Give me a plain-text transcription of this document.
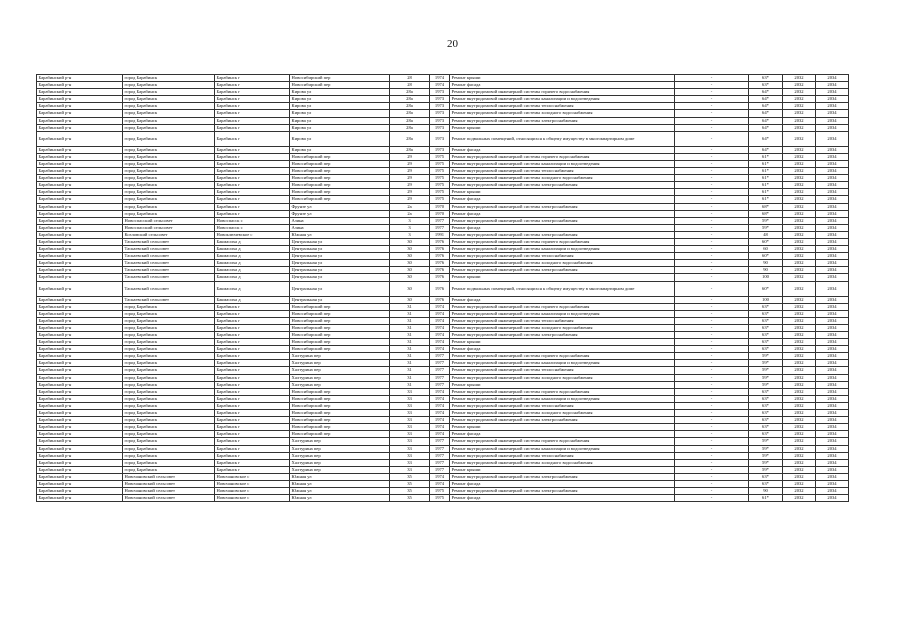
20
Барабинский р-н	город Барабинск	Барабинск г	Новосибирский пер	28	1974	Ремонт крыши	-	63*	2032	2034
Барабинский р-н	город Барабинск	Барабинск г	Новосибирский пер	28	1974	Ремонт фасада	-	63*	2032	2034
Барабинский р-н	город Барабинск	Барабинск г	Кирова ул	28а	1973	Ремонт внутридомовой инженерной системы горячего водоснабжения	-	64*	2032	2034
Барабинский р-н	город Барабинск	Барабинск г	Кирова ул	28а	1973	Ремонт внутридомовой инженерной системы канализации и водоотведения	-	64*	2032	2034
Барабинский р-н	город Барабинск	Барабинск г	Кирова ул	28а	1973	Ремонт внутридомовой инженерной системы теплоснабжения	-	64*	2032	2034
Барабинский р-н	город Барабинск	Барабинск г	Кирова ул	28а	1973	Ремонт внутридомовой инженерной системы холодного водоснабжения	-	64*	2032	2034
Барабинский р-н	город Барабинск	Барабинск г	Кирова ул	28а	1973	Ремонт внутридомовой инженерной системы электроснабжения	-	64*	2032	2034
Барабинский р-н	город Барабинск	Барабинск г	Кирова ул	28а	1973	Ремонт крыши	-	64*	2032	2034
Барабинский р-н	город Барабинск	Барабинск г	Кирова ул	28а	1973	Ремонт подвальных помещений, относящихся к общему имуществу в многоквартирном доме	-	64*	2032	2034
Барабинский р-н	город Барабинск	Барабинск г	Кирова ул	28а	1973	Ремонт фасада	-	64*	2032	2034
Барабинский р-н	город Барабинск	Барабинск г	Новосибирский пер	29	1975	Ремонт внутридомовой инженерной системы горячего водоснабжения	-	61*	2032	2034
Барабинский р-н	город Барабинск	Барабинск г	Новосибирский пер	29	1975	Ремонт внутридомовой инженерной системы канализации и водоотведения	-	61*	2032	2034
Барабинский р-н	город Барабинск	Барабинск г	Новосибирский пер	29	1975	Ремонт внутридомовой инженерной системы теплоснабжения	-	61*	2032	2034
Барабинский р-н	город Барабинск	Барабинск г	Новосибирский пер	29	1975	Ремонт внутридомовой инженерной системы холодного водоснабжения	-	61*	2032	2034
Барабинский р-н	город Барабинск	Барабинск г	Новосибирский пер	29	1975	Ремонт внутридомовой инженерной системы электроснабжения	-	61*	2032	2034
Барабинский р-н	город Барабинск	Барабинск г	Новосибирский пер	29	1975	Ремонт крыши	-	61*	2032	2034
Барабинский р-н	город Барабинск	Барабинск г	Новосибирский пер	29	1975	Ремонт фасада	-	61*	2032	2034
Барабинский р-н	город Барабинск	Барабинск г	Фрунзе ул	2а	1970	Ремонт внутридомовой инженерной системы электроснабжения	-	68*	2032	2034
Барабинский р-н	город Барабинск	Барабинск г	Фрунзе ул	2а	1970	Ремонт фасада	-	68*	2032	2034
Барабинский р-н	Новоспасский сельсовет	Новоспасск с	Азина	3	1977	Ремонт внутридомовой инженерной системы электроснабжения	-	59*	2032	2034
Барабинский р-н	Новоспасский сельсовет	Новоспасск с	Азина	3	1977	Ремонт фасада	-	59*	2032	2034
Барабинский р-н	Козловский сельсовет	Новоключевское с	Южная ул	3	1991	Ремонт внутридомовой инженерной системы электроснабжения	-	48	2032	2034
Барабинский р-н	Таскаевский сельсовет	Бакмасиха д	Центральная ул	30	1976	Ремонт внутридомовой инженерной системы горячего водоснабжения	-	60*	2032	2034
Барабинский р-н	Таскаевский сельсовет	Бакмасиха д	Центральная ул	30	1976	Ремонт внутридомовой инженерной системы канализации и водоотведения	-	60	2032	2034
Барабинский р-н	Таскаевский сельсовет	Бакмасиха д	Центральная ул	30	1976	Ремонт внутридомовой инженерной системы теплоснабжения	-	60*	2032	2034
Барабинский р-н	Таскаевский сельсовет	Бакмасиха д	Центральная ул	30	1976	Ремонт внутридомовой инженерной системы холодного водоснабжения	-	90	2032	2034
Барабинский р-н	Таскаевский сельсовет	Бакмасиха д	Центральная ул	30	1976	Ремонт внутридомовой инженерной системы электроснабжения	-	90	2032	2034
Барабинский р-н	Таскаевский сельсовет	Бакмасиха д	Центральная ул	30	1976	Ремонт крыши	-	100	2032	2034
Барабинский р-н	Таскаевский сельсовет	Бакмасиха д	Центральная ул	30	1976	Ремонт подвальных помещений, относящихся к общему имуществу в многоквартирном доме	-	60*	2032	2034
Барабинский р-н	Таскаевский сельсовет	Бакмасиха д	Центральная ул	30	1976	Ремонт фасада	-	100	2032	2034
Барабинский р-н	город Барабинск	Барабинск г	Новосибирский пер	31	1974	Ремонт внутридомовой инженерной системы горячего водоснабжения	-	63*	2032	2034
Барабинский р-н	город Барабинск	Барабинск г	Новосибирский пер	31	1974	Ремонт внутридомовой инженерной системы канализации и водоотведения	-	63*	2032	2034
Барабинский р-н	город Барабинск	Барабинск г	Новосибирский пер	31	1974	Ремонт внутридомовой инженерной системы теплоснабжения	-	63*	2032	2034
Барабинский р-н	город Барабинск	Барабинск г	Новосибирский пер	31	1974	Ремонт внутридомовой инженерной системы холодного водоснабжения	-	63*	2032	2034
Барабинский р-н	город Барабинск	Барабинск г	Новосибирский пер	31	1974	Ремонт внутридомовой инженерной системы электроснабжения	-	63*	2032	2034
Барабинский р-н	город Барабинск	Барабинск г	Новосибирский пер	31	1974	Ремонт крыши	-	63*	2032	2034
Барабинский р-н	город Барабинск	Барабинск г	Новосибирский пер	31	1974	Ремонт фасада	-	63*	2032	2034
Барабинский р-н	город Барабинск	Барабинск г	Халтурина пер	31	1977	Ремонт внутридомовой инженерной системы горячего водоснабжения	-	59*	2032	2034
Барабинский р-н	город Барабинск	Барабинск г	Халтурина пер	31	1977	Ремонт внутридомовой инженерной системы канализации и водоотведения	-	59*	2032	2034
Барабинский р-н	город Барабинск	Барабинск г	Халтурина пер	31	1977	Ремонт внутридомовой инженерной системы теплоснабжения	-	59*	2032	2034
Барабинский р-н	город Барабинск	Барабинск г	Халтурина пер	31	1977	Ремонт внутридомовой инженерной системы холодного водоснабжения	-	59*	2032	2034
Барабинский р-н	город Барабинск	Барабинск г	Халтурина пер	31	1977	Ремонт крыши	-	59*	2032	2034
Барабинский р-н	город Барабинск	Барабинск г	Новосибирский пер	33	1974	Ремонт внутридомовой инженерной системы горячего водоснабжения	-	63*	2032	2034
Барабинский р-н	город Барабинск	Барабинск г	Новосибирский пер	33	1974	Ремонт внутридомовой инженерной системы канализации и водоотведения	-	63*	2032	2034
Барабинский р-н	город Барабинск	Барабинск г	Новосибирский пер	33	1974	Ремонт внутридомовой инженерной системы теплоснабжения	-	63*	2032	2034
Барабинский р-н	город Барабинск	Барабинск г	Новосибирский пер	33	1974	Ремонт внутридомовой инженерной системы холодного водоснабжения	-	63*	2032	2034
Барабинский р-н	город Барабинск	Барабинск г	Новосибирский пер	33	1974	Ремонт внутридомовой инженерной системы электроснабжения	-	63*	2032	2034
Барабинский р-н	город Барабинск	Барабинск г	Новосибирский пер	33	1974	Ремонт крыши	-	63*	2032	2034
Барабинский р-н	город Барабинск	Барабинск г	Новосибирский пер	33	1974	Ремонт фасада	-	63*	2032	2034
Барабинский р-н	город Барабинск	Барабинск г	Халтурина пер	33	1977	Ремонт внутридомовой инженерной системы горячего водоснабжения	-	59*	2032	2034
Барабинский р-н	город Барабинск	Барабинск г	Халтурина пер	33	1977	Ремонт внутридомовой инженерной системы канализации и водоотведения	-	59*	2032	2034
Барабинский р-н	город Барабинск	Барабинск г	Халтурина пер	33	1977	Ремонт внутридомовой инженерной системы теплоснабжения	-	59*	2032	2034
Барабинский р-н	город Барабинск	Барабинск г	Халтурина пер	33	1977	Ремонт внутридомовой инженерной системы холодного водоснабжения	-	59*	2032	2034
Барабинский р-н	город Барабинск	Барабинск г	Халтурина пер	33	1977	Ремонт крыши	-	59*	2032	2034
Барабинский р-н	Новочановский сельсовет	Новочановское с	Южная ул	35	1974	Ремонт внутридомовой инженерной системы электроснабжения	-	63*	2032	2034
Барабинский р-н	Новочановский сельсовет	Новочановское с	Южная ул	35	1974	Ремонт фасада	-	63*	2032	2034
Барабинский р-н	Новочановский сельсовет	Новочановское с	Южная ул	35	1975	Ремонт внутридомовой инженерной системы электроснабжения	-	90	2032	2034
Барабинский р-н	Новочановский сельсовет	Новочановское с	Южная ул	35	1975	Ремонт фасада	-	61*	2032	2034
